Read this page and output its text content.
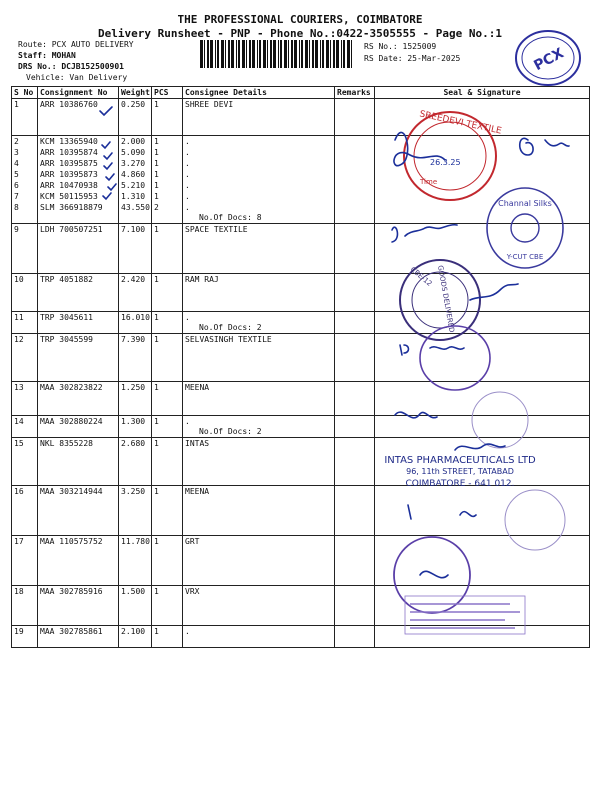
THE PROFESSIONAL COURIERS, COIMBATORE
Delivery Runsheet - PNP - Phone No.:0422-3505555 - Page No.:1
Route: PCX AUTO DELIVERY
Staff: MOHAN
DRS No.: DCJB152500901
Vehicle: Van Delivery
RS No.: 1525009
RS Date: 25-Mar-2025	PCX
S No	Consignment No	Weight	PCS	Consignee Details	Remarks	Seal & Signature
1	ARR 10386760	0.250	1	SHREE DEVI		
2	KCM 13365940	2.000	1	.		
3	ARR 10395874	5.090	1	.		
4	ARR 10395875	3.270	1	.		
5	ARR 10395873	4.860	1	.		
6	ARR 10470938	5.210	1	.		
7	KCM 50115953	1.310	1	.		
8	SLM 366918879	43.550	2	.
No.Of Docs: 8		

9	LDH 700507251	7.100	1	SPACE TEXTILE		
10	TRP 4051882	2.420	1	RAM RAJ		
11	TRP 3045611	16.010	1	.
No.Of Docs: 2		

12	TRP 3045599	7.390	1	SELVASINGH TEXTILE		
13	MAA 302823822	1.250	1	MEENA		
14	MAA 302880224	1.300	1	.
No.Of Docs: 2		

15	NKL 8355228	2.680	1	INTAS		
16	MAA 303214944	3.250	1	MEENA		
17	MAA 110575752	11.780	1	GRT		
18	MAA 302785916	1.500	1	VRX		
19	MAA 302785861	2.100	1	.		
SREEDEVI TEXTILE
Time
26.3.25
Channal Silks
Y-CUT CBE
GOODS DELIVERED
CBE-12
INTAS PHARMACEUTICALS LTD
96, 11th STREET, TATABAD
COIMBATORE - 641 012.
